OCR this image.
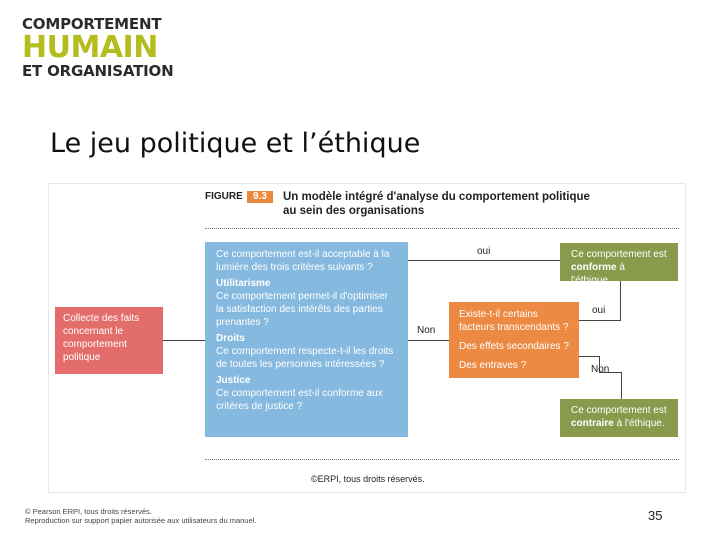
COMPORTEMENT
HUMAIN
ET ORGANISATION
Le jeu politique et l’éthique
FIGURE	9.3	Un modèle intégré d'analyse du comportement politique au sein des organisations
oui
Non
oui
Non
Collecte des faits concernant le comportement politique
Ce comportement est-il acceptable à la lumière des trois critères suivants ?
Utilitarisme
Ce comportement permet-il d'optimiser la satisfaction des intérêts des parties prenantes ?
Droits
Ce comportement respecte-t-il les droits de toutes les personnes intéressées ?
Justice
Ce comportement est-il conforme aux critères de justice ?
Existe-t-il certains facteurs transcendants ?
Des effets secondaires ?
Des entraves ?
Ce comportement est
conforme à l'éthique.
Ce comportement est
contraire à l'éthique.
©ERPI, tous droits réservés.
© Pearson ERPI, tous droits réservés.
Reproduction sur support papier autorisée aux utilisateurs du manuel.	35
